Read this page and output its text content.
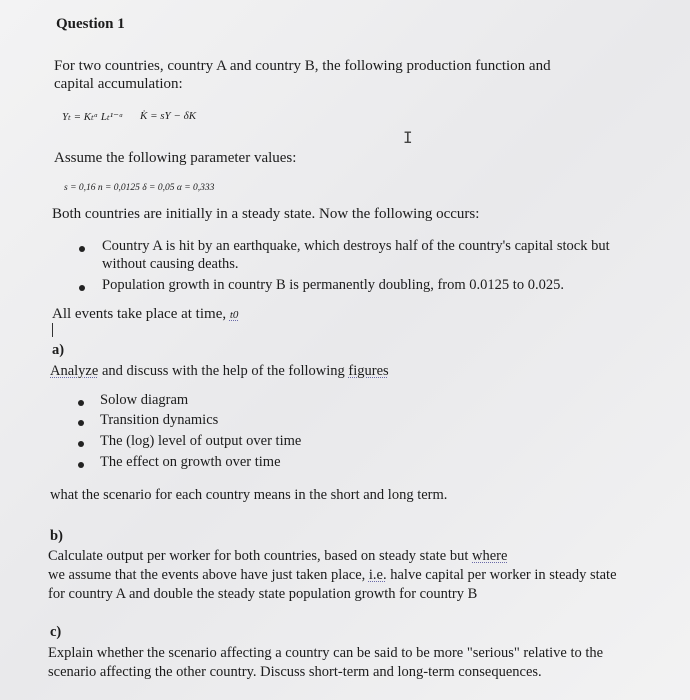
Question 1
For two countries, country A and country B, the following production function and
capital accumulation:
Yₜ = Kₜᵅ Lₜ¹⁻ᵅ K̇ = sY − δK
I
Assume the following parameter values:
s = 0,16 n = 0,0125 δ = 0,05 α = 0,333
Both countries are initially in a steady state. Now the following occurs:
Country A is hit by an earthquake, which destroys half of the country's capital stock but
without causing deaths.
Population growth in country B is permanently doubling, from 0.0125 to 0.025.
All events take place at time, t0
a)
Analyze and discuss with the help of the following figures
Solow diagram
Transition dynamics
The (log) level of output over time
The effect on growth over time
what the scenario for each country means in the short and long term.
b)
Calculate output per worker for both countries, based on steady state but where
we assume that the events above have just taken place, i.e. halve capital per worker in steady state
for country A and double the steady state population growth for country B
c)
Explain whether the scenario affecting a country can be said to be more "serious" relative to the
scenario affecting the other country. Discuss short-term and long-term consequences.
